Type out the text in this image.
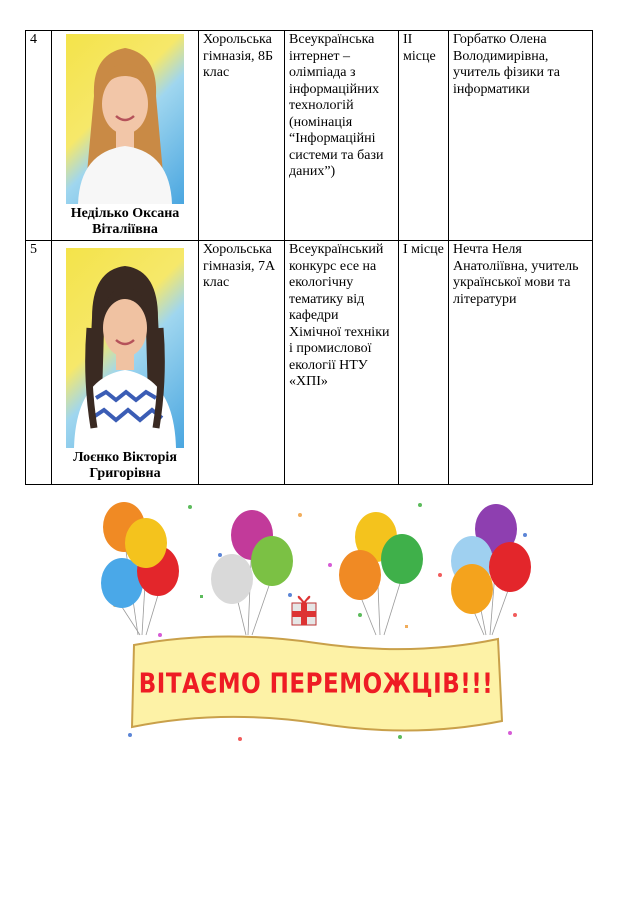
4	Неділько Оксана Віталіївна	Хорольська гімназія, 8Б клас	Всеукраїнська інтернет – олімпіада з інформаційних технологій (номінація “Інформаційні системи та бази даних”)	ІІ місце	Горбатко Олена Володимирівна, учитель фізики та інформатики
5	Лоєнко Вікторія Григорівна	Хорольська гімназія, 7А клас	Всеукраїнський конкурс есе на екологічну тематику від кафедри Хімічної техніки і промислової екології НТУ «ХПІ»	І місце	Нечта Неля Анатоліївна, учитель української мови та літератури
ВІТАЄМО ПЕРЕМОЖЦІВ!!!
